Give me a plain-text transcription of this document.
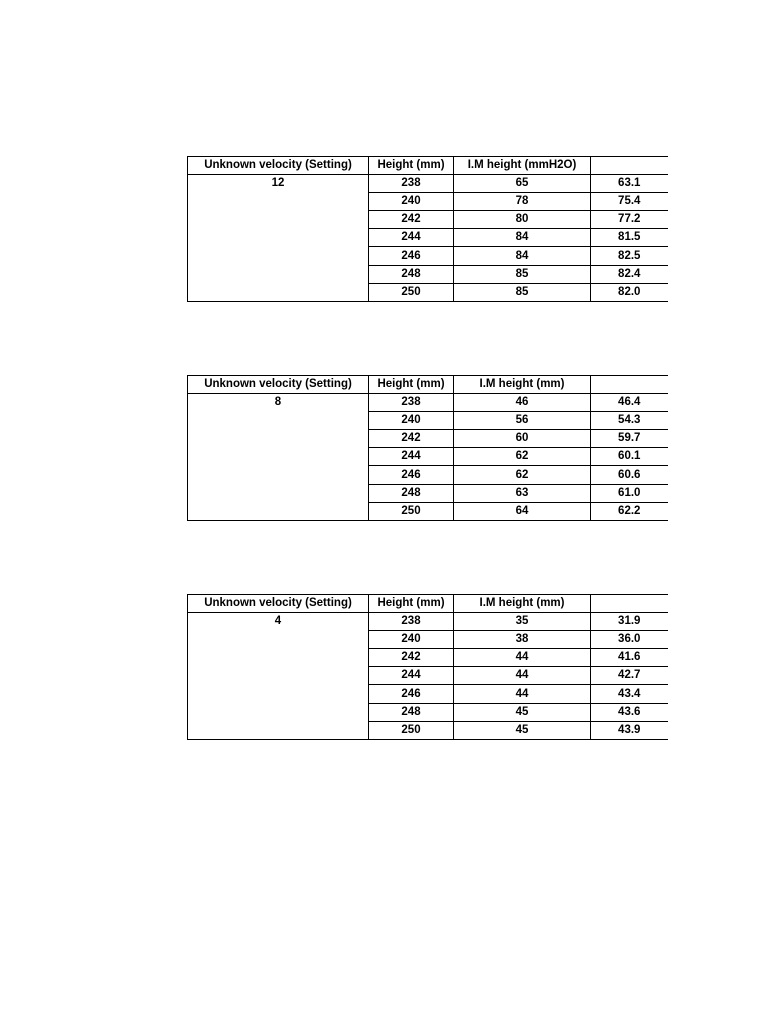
Unknown velocity (Setting)	Height (mm)	I.M height (mmH2O)	
12	238	65	63.1
	240	78	75.4
	242	80	77.2
	244	84	81.5
	246	84	82.5
	248	85	82.4
	250	85	82.0
Unknown velocity (Setting)	Height (mm)	I.M height (mm)	
8	238	46	46.4
	240	56	54.3
	242	60	59.7
	244	62	60.1
	246	62	60.6
	248	63	61.0
	250	64	62.2
Unknown velocity (Setting)	Height (mm)	I.M height (mm)	
4	238	35	31.9
	240	38	36.0
	242	44	41.6
	244	44	42.7
	246	44	43.4
	248	45	43.6
	250	45	43.9
